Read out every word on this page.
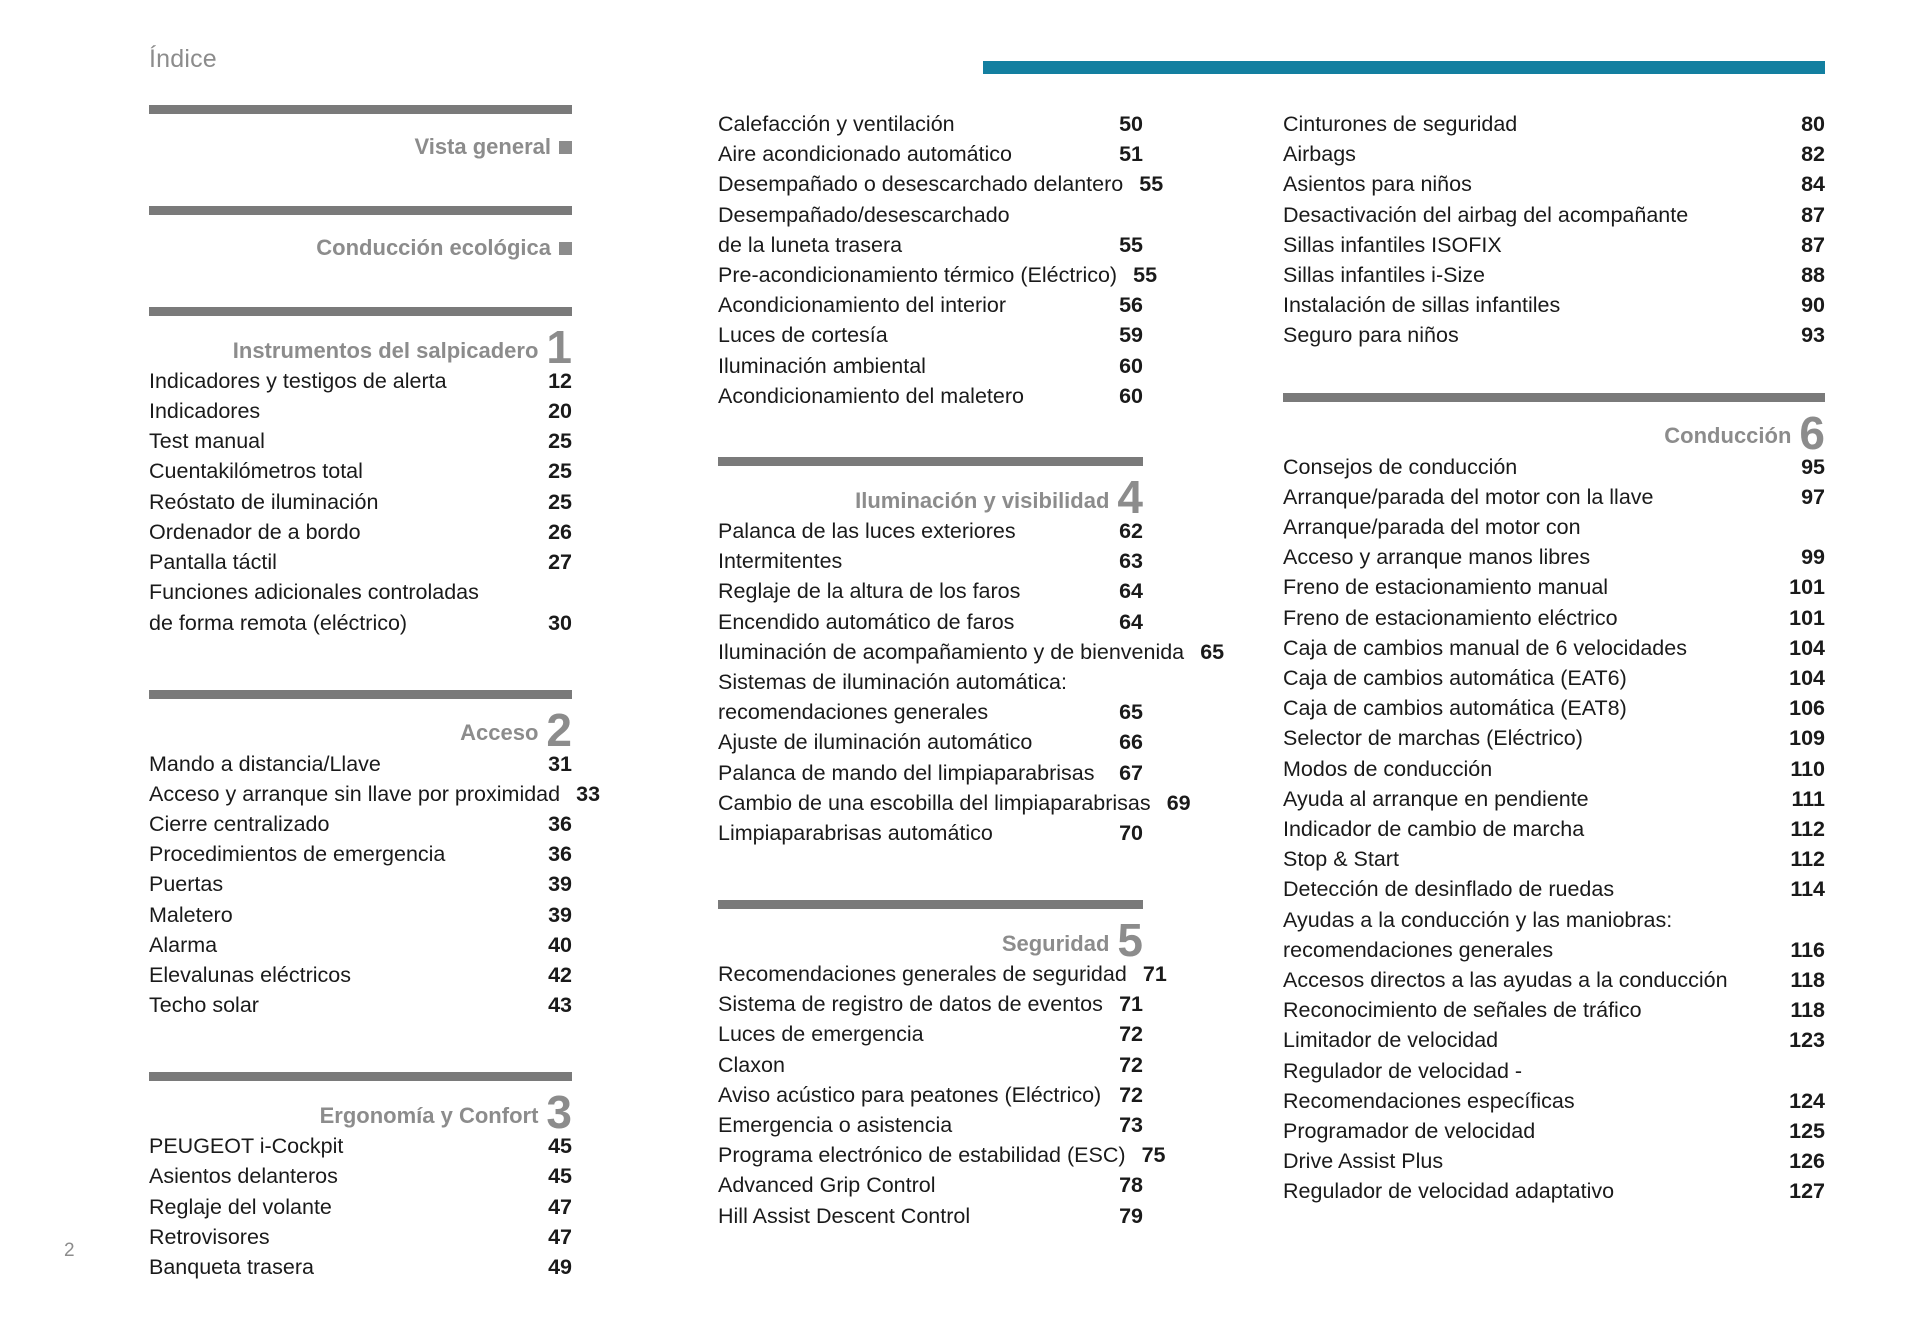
Índice
Vista general
Conducción ecológica
Instrumentos del salpicadero 1
Indicadores y testigos de alerta	12
Indicadores	20
Test manual	25
Cuentakilómetros total	25
Reóstato de iluminación	25
Ordenador de a bordo	26
Pantalla táctil	27
Funciones adicionales controladas
de forma remota (eléctrico)	30
Acceso 2
Mando a distancia/Llave	31
Acceso y arranque sin llave por proximidad 33
Cierre centralizado	36
Procedimientos de emergencia	36
Puertas	39
Maletero	39
Alarma	40
Elevalunas eléctricos	42
Techo solar	43
Ergonomía y Confort 3
PEUGEOT i-Cockpit	45
Asientos delanteros	45
Reglaje del volante	47
Retrovisores	47
Banqueta trasera	49
Calefacción y ventilación	50
Aire acondicionado automático	51
Desempañado o desescarchado delantero 55
Desempañado/desescarchado
de la luneta trasera	55
Pre-acondicionamiento térmico (Eléctrico) 55
Acondicionamiento del interior	56
Luces de cortesía	59
Iluminación ambiental	60
Acondicionamiento del maletero	60
Iluminación y visibilidad 4
Palanca de las luces exteriores	62
Intermitentes	63
Reglaje de la altura de los faros	64
Encendido automático de faros	64
Iluminación de acompañamiento y de bienvenida 65
Sistemas de iluminación automática:
recomendaciones generales	65
Ajuste de iluminación automático	66
Palanca de mando del limpiaparabrisas	67
Cambio de una escobilla del limpiaparabrisas 69
Limpiaparabrisas automático	70
Seguridad 5
Recomendaciones generales de seguridad 71
Sistema de registro de datos de eventos 71
Luces de emergencia	72
Claxon	72
Aviso acústico para peatones (Eléctrico) 72
Emergencia o asistencia	73
Programa electrónico de estabilidad (ESC) 75
Advanced Grip Control	78
Hill Assist Descent Control	79
Cinturones de seguridad	80
Airbags	82
Asientos para niños	84
Desactivación del airbag del acompañante	87
Sillas infantiles ISOFIX	87
Sillas infantiles i-Size	88
Instalación de sillas infantiles	90
Seguro para niños	93
Conducción 6
Consejos de conducción	95
Arranque/parada del motor con la llave	97
Arranque/parada del motor con
Acceso y arranque manos libres	99
Freno de estacionamiento manual	101
Freno de estacionamiento eléctrico	101
Caja de cambios manual de 6 velocidades	104
Caja de cambios automática (EAT6)	104
Caja de cambios automática (EAT8)	106
Selector de marchas (Eléctrico)	109
Modos de conducción	110
Ayuda al arranque en pendiente	111
Indicador de cambio de marcha	112
Stop & Start	112
Detección de desinflado de ruedas	114
Ayudas a la conducción y las maniobras:
recomendaciones generales	116
Accesos directos a las ayudas a la conducción	118
Reconocimiento de señales de tráfico	118
Limitador de velocidad	123
Regulador de velocidad -
Recomendaciones específicas	124
Programador de velocidad	125
Drive Assist Plus	126
Regulador de velocidad adaptativo	127
2
